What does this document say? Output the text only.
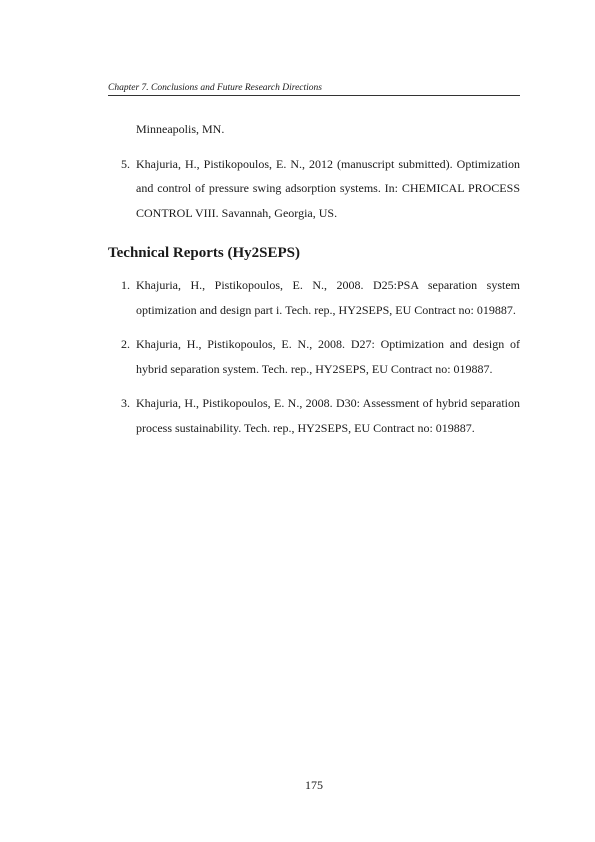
Chapter 7. Conclusions and Future Research Directions

Minneapolis, MN.

5. Khajuria, H., Pistikopoulos, E. N., 2012 (manuscript submitted). Optimization and control of pressure swing adsorption systems. In: CHEMICAL PROCESS CONTROL VIII. Savannah, Georgia, US.
Technical Reports (Hy2SEPS)
1. Khajuria, H., Pistikopoulos, E. N., 2008. D25:PSA separation system optimization and design part i. Tech. rep., HY2SEPS, EU Contract no: 019887.
2. Khajuria, H., Pistikopoulos, E. N., 2008. D27: Optimization and design of hybrid separation system. Tech. rep., HY2SEPS, EU Contract no: 019887.
3. Khajuria, H., Pistikopoulos, E. N., 2008. D30: Assessment of hybrid separation process sustainability. Tech. rep., HY2SEPS, EU Contract no: 019887.
175
